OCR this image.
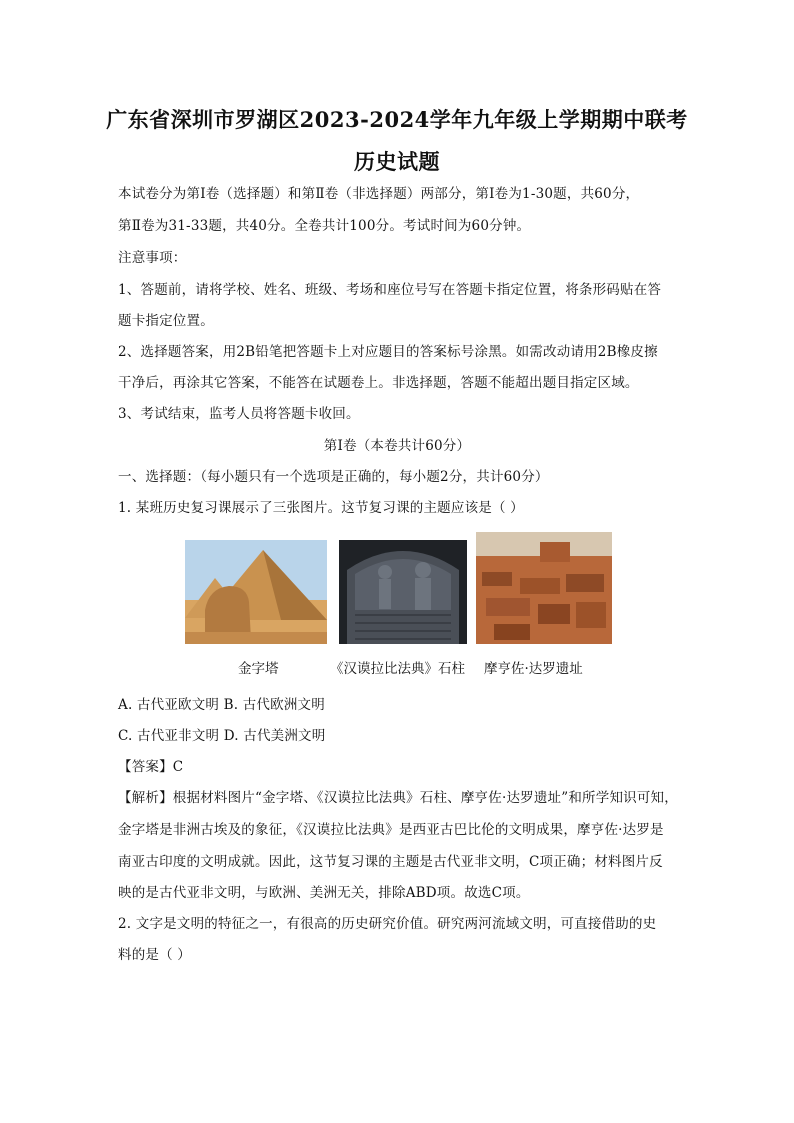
广东省深圳市罗湖区2023-2024学年九年级上学期期中联考
历史试题
本试卷分为第Ⅰ卷（选择题）和第Ⅱ卷（非选择题）两部分，第Ⅰ卷为1-30题，共60分，
第Ⅱ卷为31-33题，共40分。全卷共计100分。考试时间为60分钟。
注意事项：
1、答题前，请将学校、姓名、班级、考场和座位号写在答题卡指定位置，将条形码贴在答
题卡指定位置。
2、选择题答案，用2B铅笔把答题卡上对应题目的答案标号涂黑。如需改动请用2B橡皮擦
干净后，再涂其它答案，不能答在试题卷上。非选择题，答题不能超出题目指定区域。
3、考试结束，监考人员将答题卡收回。
第Ⅰ卷（本卷共计60分）
一、选择题：（每小题只有一个选项是正确的，每小题2分，共计60分）
1. 某班历史复习课展示了三张图片。这节复习课的主题应该是（ ）
金字塔	《汉谟拉比法典》石柱 摩亨佐·达罗遗址
A. 古代亚欧文明 B. 古代欧洲文明
C. 古代亚非文明 D. 古代美洲文明
【答案】C
【解析】根据材料图片“金字塔、《汉谟拉比法典》石柱、摩亨佐·达罗遗址”和所学知识可知，
金字塔是非洲古埃及的象征，《汉谟拉比法典》是西亚古巴比伦的文明成果，摩亨佐·达罗是
南亚古印度的文明成就。因此，这节复习课的主题是古代亚非文明，C项正确；材料图片反
映的是古代亚非文明，与欧洲、美洲无关，排除ABD项。故选C项。
2. 文字是文明的特征之一，有很高的历史研究价值。研究两河流域文明，可直接借助的史
料的是（ ）
